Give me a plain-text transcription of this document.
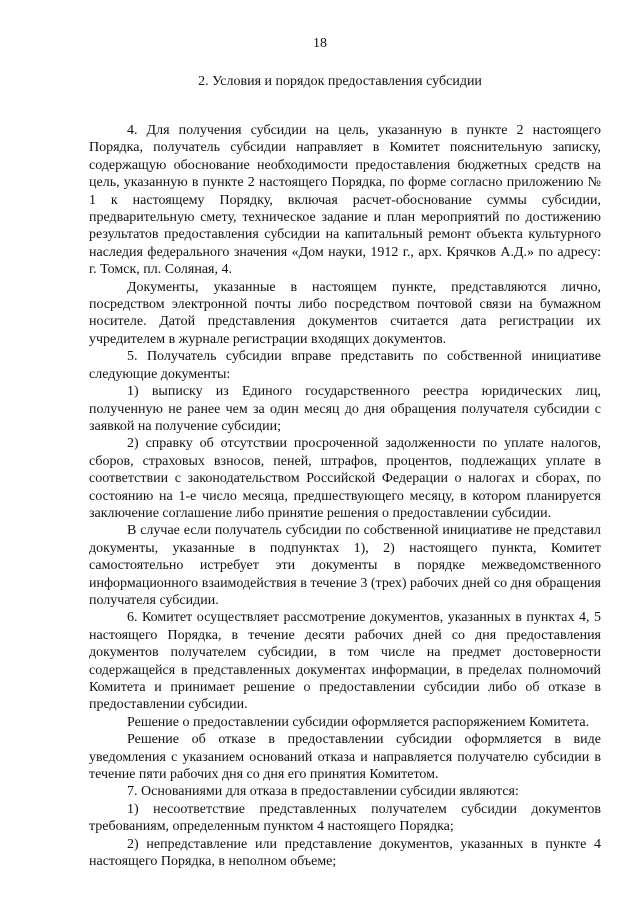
18
2. Условия и порядок предоставления субсидии

4. Для получения субсидии на цель, указанную в пункте 2 настоящего Порядка, получатель субсидии направляет в Комитет пояснительную записку, содержащую обоснование необходимости предоставления бюджетных средств на цель, указанную в пункте 2 настоящего Порядка, по форме согласно приложению № 1 к настоящему Порядку, включая расчет-обоснование суммы субсидии, предварительную смету, техническое задание и план мероприятий по достижению результатов предоставления субсидии на капитальный ремонт объекта культурного наследия федерального значения «Дом науки, 1912 г., арх. Крячков А.Д.» по адресу: г. Томск, пл. Соляная, 4.

Документы, указанные в настоящем пункте, представляются лично, посредством электронной почты либо посредством почтовой связи на бумажном носителе. Датой представления документов считается дата регистрации их учредителем в журнале регистрации входящих документов.

5. Получатель субсидии вправе представить по собственной инициативе следующие документы:

1) выписку из Единого государственного реестра юридических лиц, полученную не ранее чем за один месяц до дня обращения получателя субсидии с заявкой на получение субсидии;

2) справку об отсутствии просроченной задолженности по уплате налогов, сборов, страховых взносов, пеней, штрафов, процентов, подлежащих уплате в соответствии с законодательством Российской Федерации о налогах и сборах, по состоянию на 1-е число месяца, предшествующего месяцу, в котором планируется заключение соглашение либо принятие решения о предоставлении субсидии.

В случае если получатель субсидии по собственной инициативе не представил документы, указанные в подпунктах 1), 2) настоящего пункта, Комитет самостоятельно истребует эти документы в порядке межведомственного информационного взаимодействия в течение 3 (трех) рабочих дней со дня обращения получателя субсидии.

6. Комитет осуществляет рассмотрение документов, указанных в пунктах 4, 5 настоящего Порядка, в течение десяти рабочих дней со дня предоставления документов получателем субсидии, в том числе на предмет достоверности содержащейся в представленных документах информации, в пределах полномочий Комитета и принимает решение о предоставлении субсидии либо об отказе в предоставлении субсидии.

Решение о предоставлении субсидии оформляется распоряжением Комитета.

Решение об отказе в предоставлении субсидии оформляется в виде уведомления с указанием оснований отказа и направляется получателю субсидии в течение пяти рабочих дня со дня его принятия Комитетом.

7. Основаниями для отказа в предоставлении субсидии являются:

1) несоответствие представленных получателем субсидии документов требованиям, определенным пунктом 4 настоящего Порядка;

2) непредставление или представление документов, указанных в пункте 4 настоящего Порядка, в неполном объеме;
